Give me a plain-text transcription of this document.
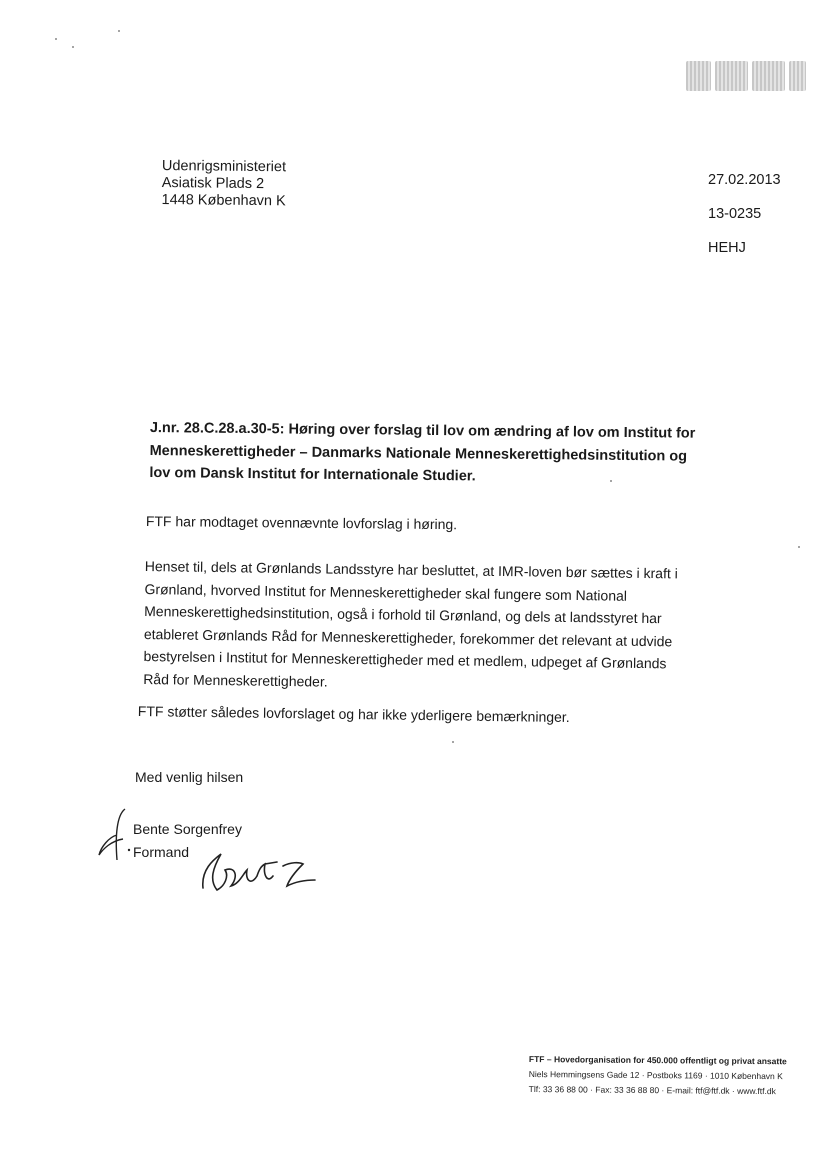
Udenrigsministeriet
Asiatisk Plads 2
1448 København K
27.02.2013
13-0235
HEHJ
J.nr. 28.C.28.a.30-5: Høring over forslag til lov om ændring af lov om Institut for Menneskerettigheder – Danmarks Nationale Menneskerettighedsinstitution og lov om Dansk Institut for Internationale Studier.
FTF har modtaget ovennævnte lovforslag i høring.
Henset til, dels at Grønlands Landsstyre har besluttet, at IMR-loven bør sættes i kraft i Grønland, hvorved Institut for Menneskerettigheder skal fungere som National Menneskerettighedsinstitution, også i forhold til Grønland, og dels at landsstyret har etableret Grønlands Råd for Menneskerettigheder, forekommer det relevant at udvide bestyrelsen i Institut for Menneskerettigheder med et medlem, udpeget af Grønlands Råd for Menneskerettigheder.
FTF støtter således lovforslaget og har ikke yderligere bemærkninger.
Med venlig hilsen
Bente Sorgenfrey
Formand
FTF – Hovedorganisation for 450.000 offentligt og privat ansatte
Niels Hemmingsens Gade 12 · Postboks 1169 · 1010 København K
Tlf: 33 36 88 00 · Fax: 33 36 88 80 · E-mail: ftf@ftf.dk · www.ftf.dk
